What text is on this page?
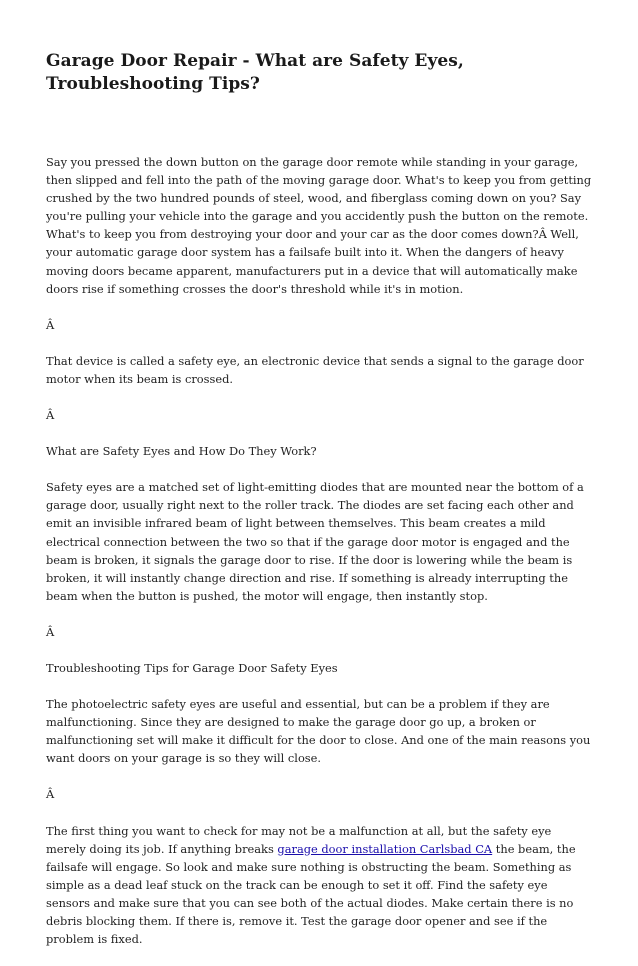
Garage Door Repair - What are Safety Eyes, Troubleshooting Tips?

Say you pressed the down button on the garage door remote while standing in your garage, then slipped and fell into the path of the moving garage door. What's to keep you from getting crushed by the two hundred pounds of steel, wood, and fiberglass coming down on you? Say you're pulling your vehicle into the garage and you accidently push the button on the remote. What's to keep you from destroying your door and your car as the door comes down?Â Well, your automatic garage door system has a failsafe built into it. When the dangers of heavy moving doors became apparent, manufacturers put in a device that will automatically make doors rise if something crosses the door's threshold while it's in motion.

Â

That device is called a safety eye, an electronic device that sends a signal to the garage door motor when its beam is crossed.

Â

What are Safety Eyes and How Do They Work?

Safety eyes are a matched set of light-emitting diodes that are mounted near the bottom of a garage door, usually right next to the roller track. The diodes are set facing each other and emit an invisible infrared beam of light between themselves. This beam creates a mild electrical connection between the two so that if the garage door motor is engaged and the beam is broken, it signals the garage door to rise. If the door is lowering while the beam is broken, it will instantly change direction and rise. If something is already interrupting the beam when the button is pushed, the motor will engage, then instantly stop.

Â

Troubleshooting Tips for Garage Door Safety Eyes

The photoelectric safety eyes are useful and essential, but can be a problem if they are malfunctioning. Since they are designed to make the garage door go up, a broken or malfunctioning set will make it difficult for the door to close. And one of the main reasons you want doors on your garage is so they will close.

Â

The first thing you want to check for may not be a malfunction at all, but the safety eye merely doing its job. If anything breaks garage door installation Carlsbad CA the beam, the failsafe will engage. So look and make sure nothing is obstructing the beam. Something as simple as a dead leaf stuck on the track can be enough to set it off. Find the safety eye sensors and make sure that you can see both of the actual diodes. Make certain there is no debris blocking them. If there is, remove it. Test the garage door opener and see if the problem is fixed.
